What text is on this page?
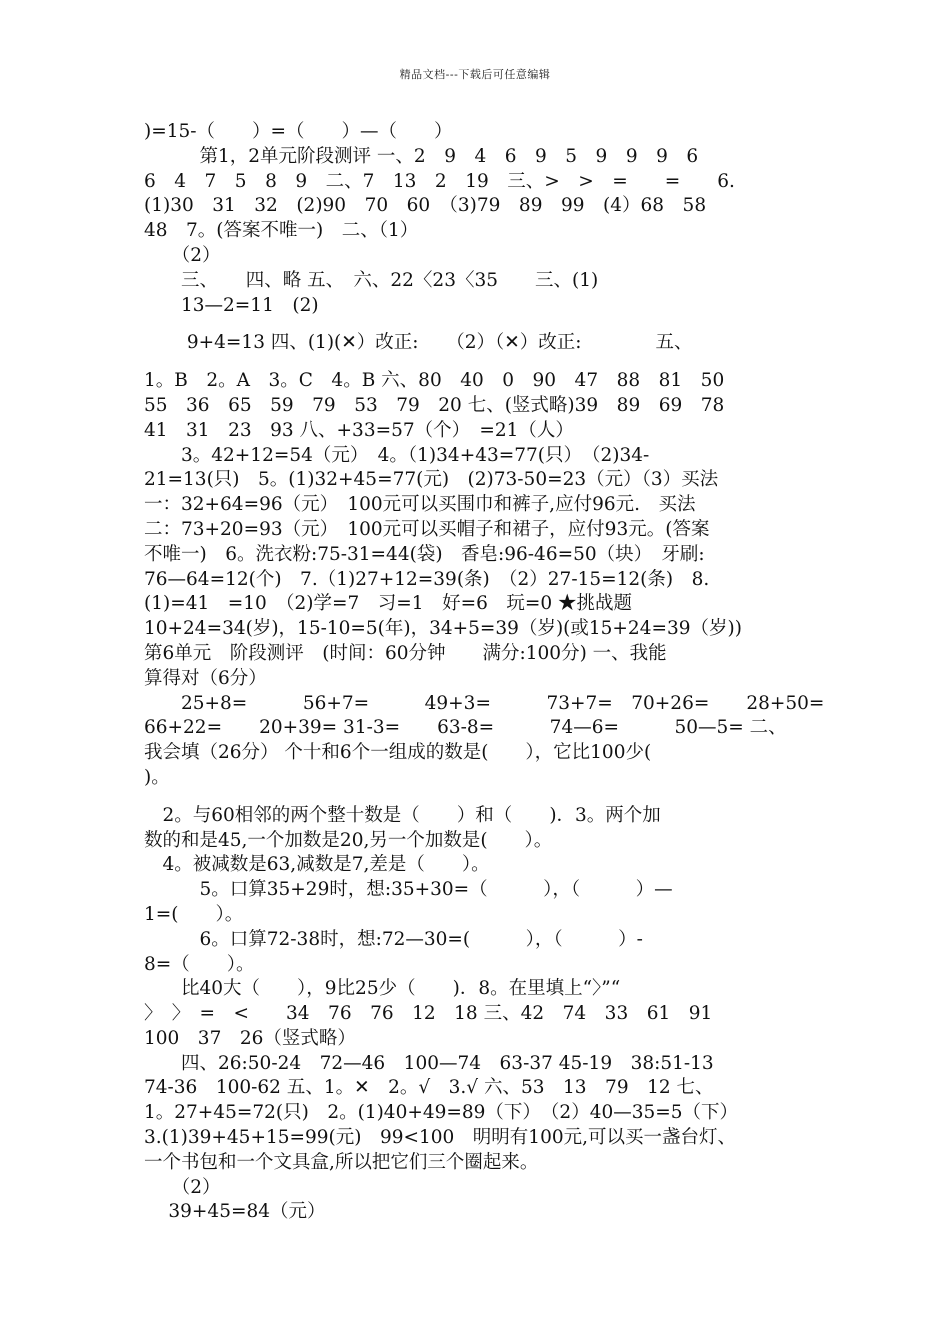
精品文档---下载后可任意编辑
)=15-（　　）=（　　）—（　　）
　　　第1，2单元阶段测评 一、2　9　4　6　9　5　9　9　9　6
6　4　7　5　8　9　二、7　13　2　19　三、>　>　=　　=　　6.
(1)30　31　32　(2)90　70　60　（3)79　89　99　(4）68　58
48　7。(答案不唯一)　二、（1）
　　（2）
　　三、　　四、略 五、　六、22〈23〈35　　三、(1)
　　13—2=11　(2)
　　 9+4=13 四、(1)(✕）改正:　　（2）（✕）改正:　　　　五、
1。B　2。A　3。C　4。B 六、80　40　0　90　47　88　81　50
55　36　65　59　79　53　79　20 七、(竖式略)39　89　69　78
41　31　23　93 八、+33=57（个）　=21（人）
　　3。42+12=54（元）　4。（1)34+43=77(只）　（2)34-
21=13(只)　5。(1)32+45=77(元)　(2)73-50=23（元）（3）买法
一：32+64=96（元）　100元可以买围巾和裤子,应付96元.　买法
二：73+20=93（元）　100元可以买帽子和裙子，应付93元。(答案
不唯一)　6。洗衣粉:75-31=44(袋)　香皂:96-46=50（块）　牙刷:
76—64=12(个)　7.（1)27+12=39(条)　（2）27-15=12(条)　8.
(1)=41　=10　（2)学=7　习=1　好=6　玩=0 ★挑战题
10+24=34(岁)，15-10=5(年)，34+5=39（岁)(或15+24=39（岁))
第6单元　阶段测评　(时间：60分钟　　满分:100分) 一、我能
算得对（6分）
　　25+8=　　　56+7=　　　49+3=　　　73+7=　70+26=　　28+50=
66+22=　　20+39= 31-3=　　63-8=　　　74—6=　　　50—5= 二、
我会填（26分） 个十和6个一组成的数是(　　），它比100少(
)。
　2。与60相邻的两个整十数是（　　）和（　　)．3。两个加
数的和是45,一个加数是20,另一个加数是(　　）。
　4。被减数是63,减数是7,差是（　　）。
　　　5。口算35+29时，想:35+30=（　　　），（　　　）—
1=(　　）。
　　　6。口算72-38时，想:72—30=(　　　），（　　　）-
8=（　　）。
　　比40大（　　），9比25少（　　)．8。在里填上“〉”“
〉　〉　=　<　　34　76　76　12　18 三、42　74　33　61　91
100　37　26（竖式略）
　　四、26:50-24　72—46　100—74　63-37 45-19　38:51-13
74-36　100-62 五、1。✕　2。√　3.√ 六、53　13　79　12 七、
1。27+45=72(只)　2。(1)40+49=89（下）　（2）40—35=5（下）
3.(1)39+45+15=99(元)　99<100　明明有100元,可以买一盏台灯、
一个书包和一个文具盒,所以把它们三个圈起来。
　　（2）
　 39+45=84（元）
